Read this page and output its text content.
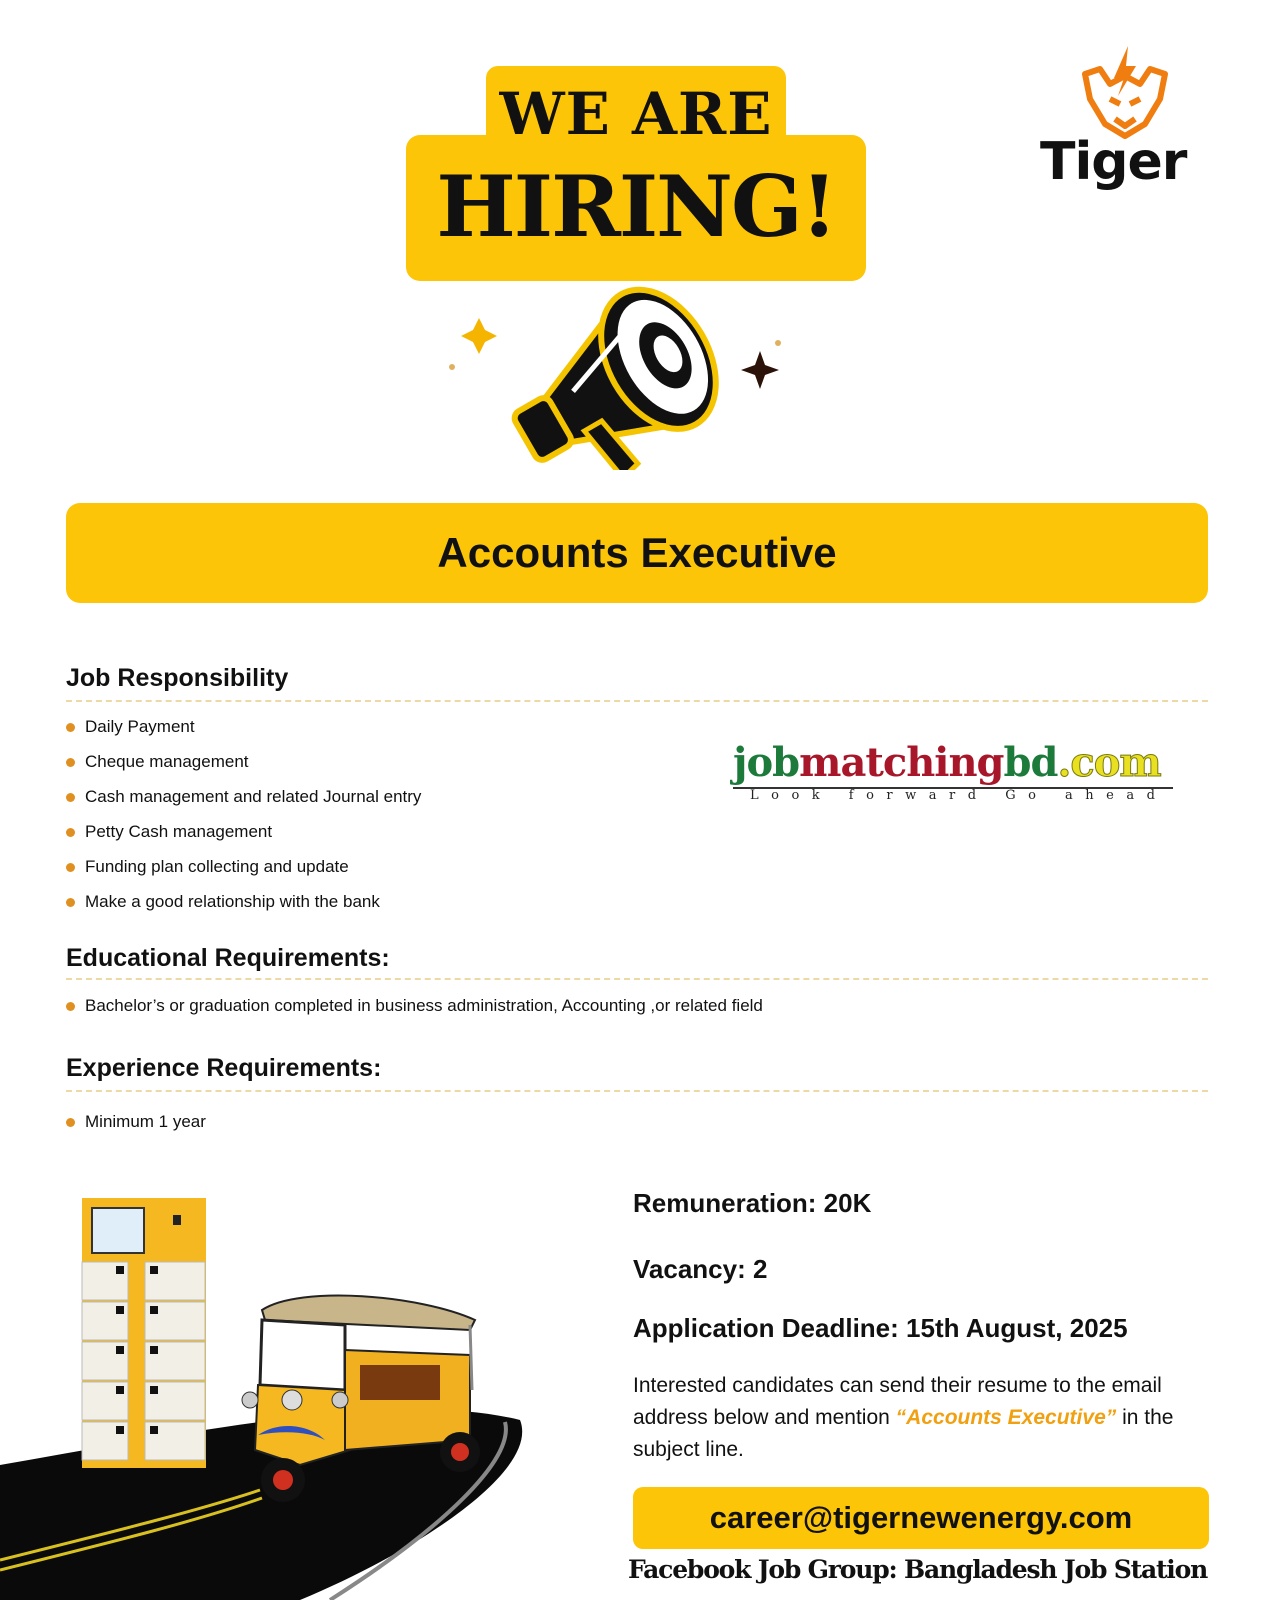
WE ARE
HIRING!	Tiger
Accounts Executive
Job Responsibility
Daily Payment
Cheque management
Cash management and related Journal entry
Petty Cash management
Funding plan collecting and update
Make a good relationship with the bank
jobmatchingbd.com
Look forward Go ahead
Educational Requirements:
Bachelor’s or graduation completed in business administration, Accounting ,or related field
Experience Requirements:
Minimum 1 year
Remuneration: 20K
Vacancy: 2
Application Deadline: 15th August, 2025
Interested candidates can send their resume to the email address below and mention “Accounts Executive” in the subject line.
career@tigernewenergy.com
Facebook Job Group: Bangladesh Job Station
